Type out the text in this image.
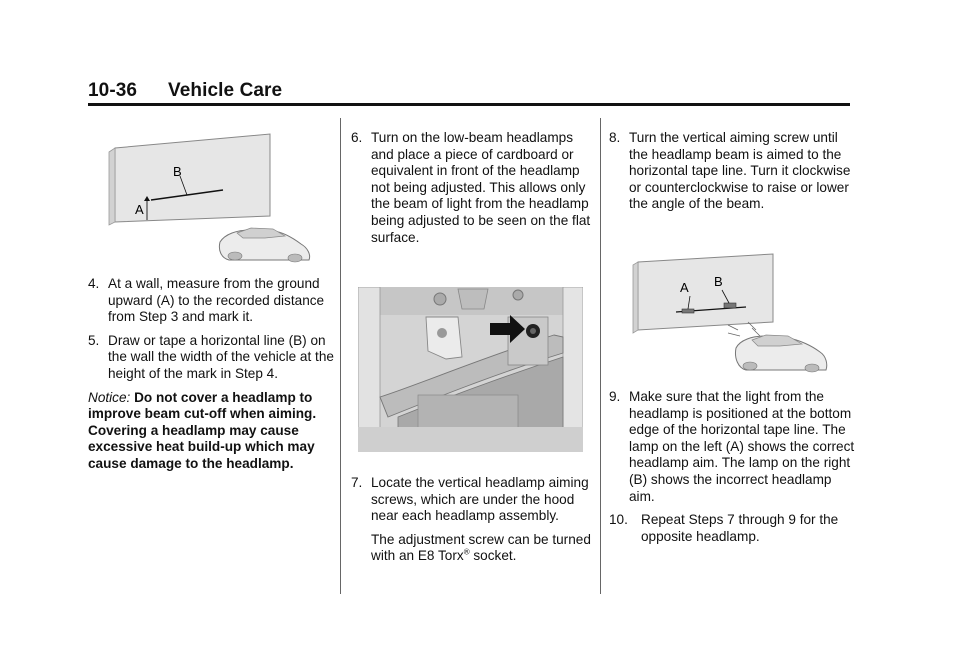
10-36 Vehicle Care
B
A
4. At a wall, measure from the ground upward (A) to the recorded distance from Step 3 and mark it.
5. Draw or tape a horizontal line (B) on the wall the width of the vehicle at the height of the mark in Step 4.
Notice: Do not cover a headlamp to improve beam cut-off when aiming. Covering a headlamp may cause excessive heat build-up which may cause damage to the headlamp.
6. Turn on the low-beam headlamps and place a piece of cardboard or equivalent in front of the headlamp not being adjusted. This allows only the beam of light from the headlamp being adjusted to be seen on the flat surface.
7. Locate the vertical headlamp aiming screws, which are under the hood near each headlamp assembly.
The adjustment screw can be turned with an E8 Torx® socket.
8. Turn the vertical aiming screw until the headlamp beam is aimed to the horizontal tape line. Turn it clockwise or counterclockwise to raise or lower the angle of the beam.
A B
9. Make sure that the light from the headlamp is positioned at the bottom edge of the horizontal tape line. The lamp on the left (A) shows the correct headlamp aim. The lamp on the right (B) shows the incorrect headlamp aim.
10. Repeat Steps 7 through 9 for the opposite headlamp.
